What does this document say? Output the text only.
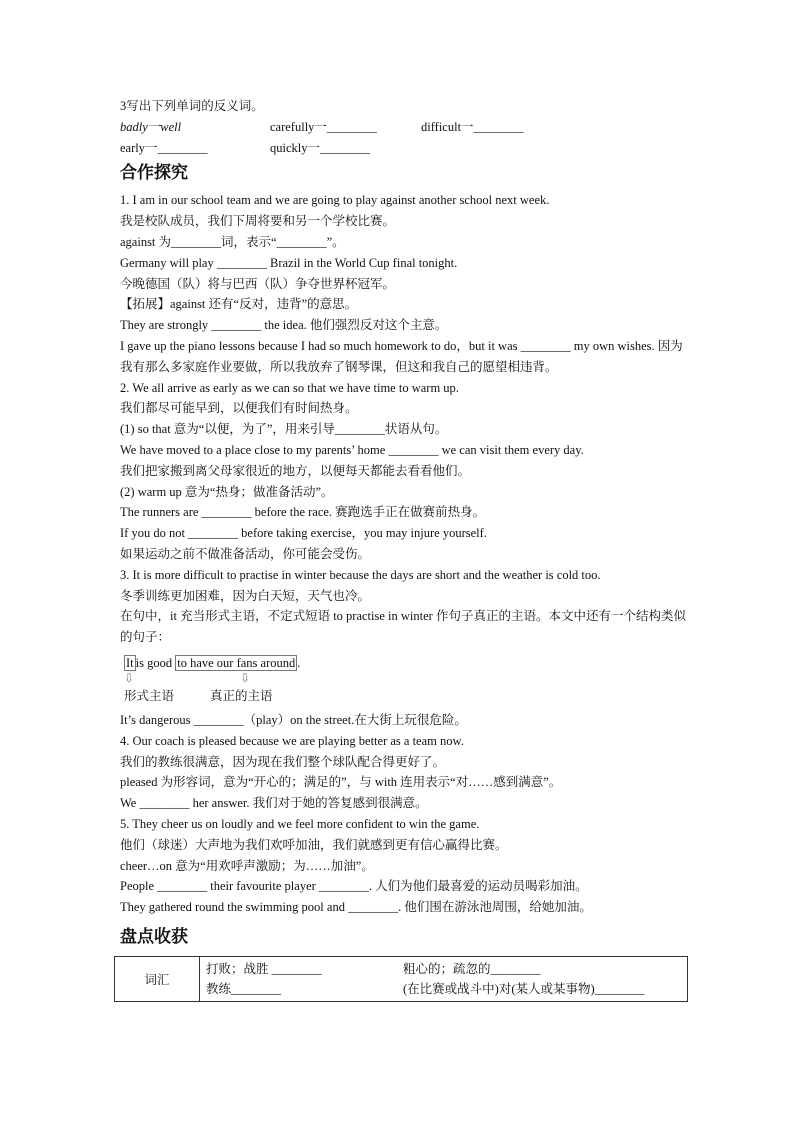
3写出下列单词的反义词。
badly一well	carefully一________	difficult一________
early一________	quickly一________
合作探究
1. I am in our school team and we are going to play against another school next week.
我是校队成员，我们下周将要和另一个学校比赛。
against 为________词，表示“________”。
Germany will play ________ Brazil in the World Cup final tonight.
今晚德国（队）将与巴西（队）争夺世界杯冠军。
【拓展】against 还有“反对，违背”的意思。
They are strongly ________ the idea. 他们强烈反对这个主意。
I gave up the piano lessons because I had so much homework to do，but it was ________ my own wishes. 因为我有那么多家庭作业要做，所以我放弃了钢琴课，但这和我自己的愿望相违背。
2. We all arrive as early as we can so that we have time to warm up.
我们都尽可能早到，以便我们有时间热身。
(1) so that 意为“以便，为了”，用来引导________状语从句。
We have moved to a place close to my parents’ home ________ we can visit them every day.
我们把家搬到离父母家很近的地方，以便每天都能去看看他们。
(2) warm up 意为“热身；做准备活动”。
The runners are ________ before the race. 赛跑选手正在做赛前热身。
If you do not ________ before taking exercise，you may injure yourself.
如果运动之前不做准备活动，你可能会受伤。
3. It is more difficult to practise in winter because the days are short and the weather is cold too.
冬季训练更加困难，因为白天短，天气也冷。
在句中，it 充当形式主语，不定式短语 to practise in winter 作句子真正的主语。本文中还有一个结构类似的句子：
It is good to have our fans around .
⇩	⇩
形式主语	真正的主语
It’s dangerous ________（play）on the street.在大街上玩很危险。
4. Our coach is pleased because we are playing better as a team now.
我们的教练很满意，因为现在我们整个球队配合得更好了。
pleased 为形容词，意为“开心的；满足的”，与 with 连用表示“对……感到满意”。
We ________ her answer. 我们对于她的答复感到很满意。
5. They cheer us on loudly and we feel more confident to win the game.
他们（球迷）大声地为我们欢呼加油，我们就感到更有信心赢得比赛。
cheer…on 意为“用欢呼声激励；为……加油”。
People ________ their favourite player ________. 人们为他们最喜爱的运动员喝彩加油。
They gathered round the swimming pool and ________. 他们围在游泳池周围，给她加油。
盘点收获
词汇	
打败；战胜 ________	粗心的；疏忽的________
教练________	(在比赛或战斗中)对(某人或某事物)________
